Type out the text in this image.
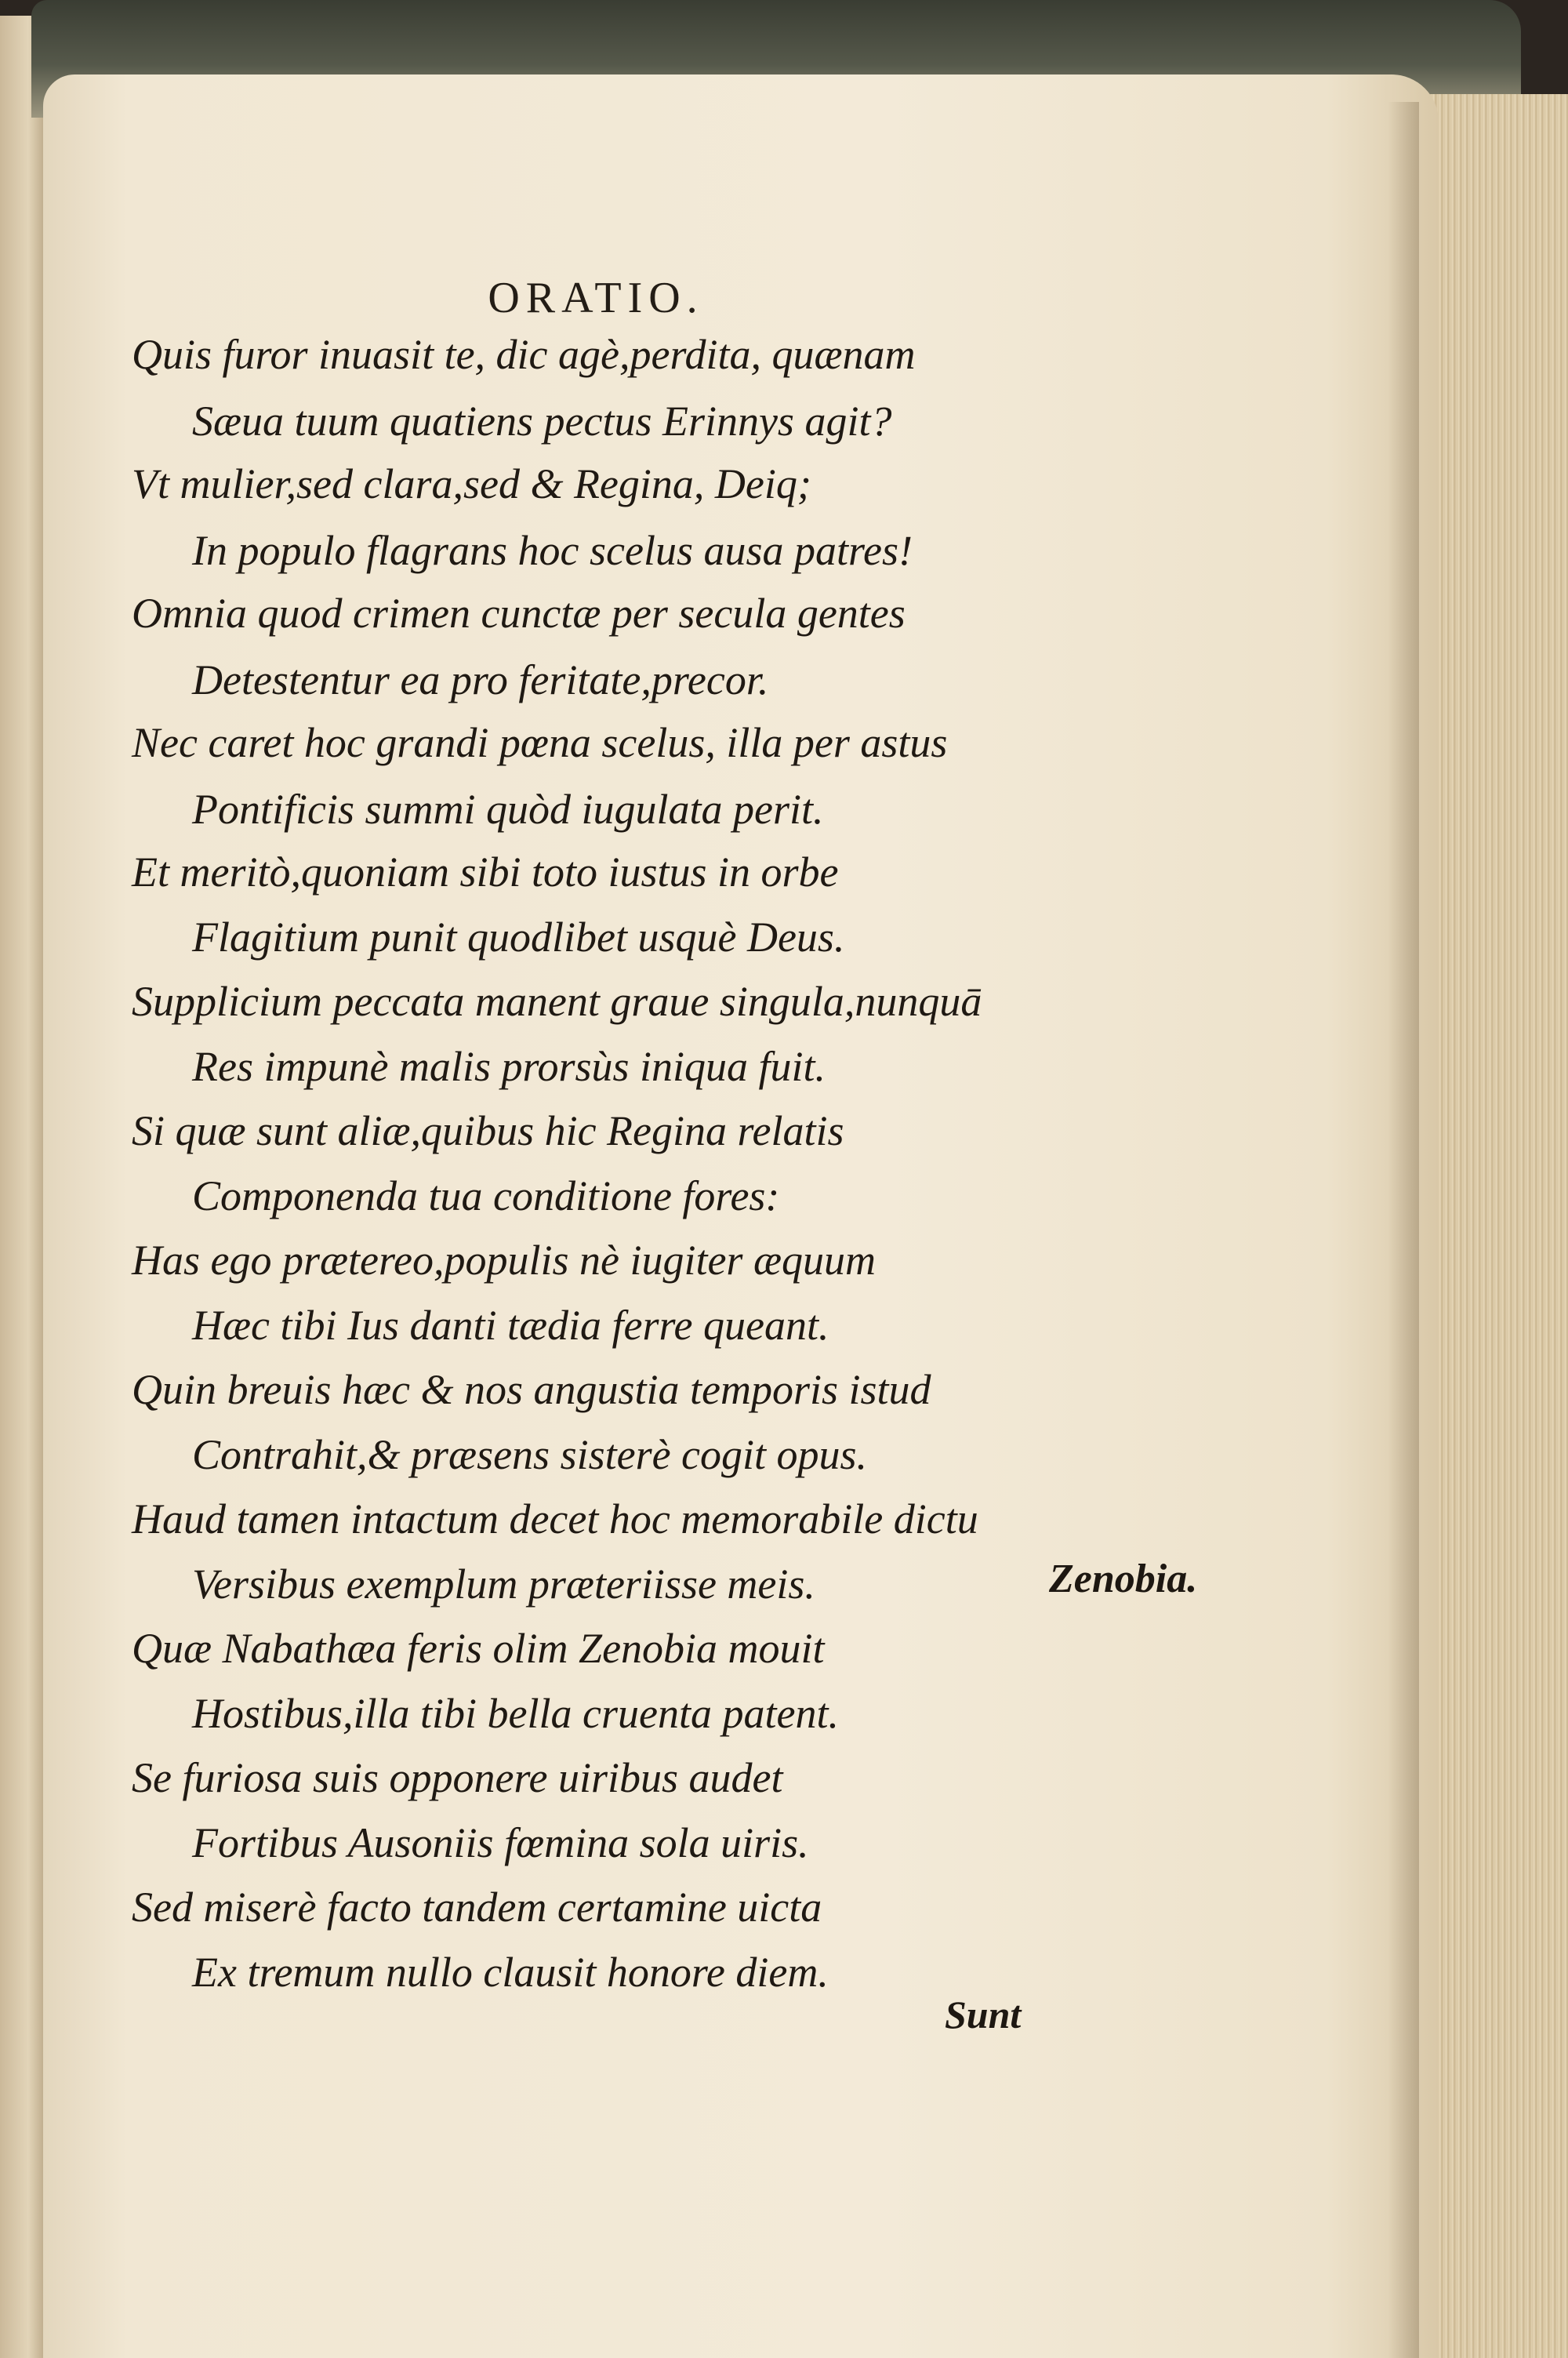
ORATIO.
Quis furor inuasit te, dic agè,perdita, quænam
Sæua tuum quatiens pectus Erinnys agit?
Vt mulier,sed clara,sed & Regina, Deiq;
In populo flagrans hoc scelus ausa patres!
Omnia quod crimen cunctæ per secula gentes
Detestentur ea pro feritate,precor.
Nec caret hoc grandi pœna scelus, illa per astus
Pontificis summi quòd iugulata perit.
Et meritò,quoniam sibi toto iustus in orbe
Flagitium punit quodlibet usquè Deus.
Supplicium peccata manent graue singula,nunquā
Res impunè malis prorsùs iniqua fuit.
Si quæ sunt aliæ,quibus hic Regina relatis
Componenda tua conditione fores:
Has ego prætereo,populis nè iugiter æquum
Hæc tibi Ius danti tædia ferre queant.
Quin breuis hæc & nos angustia temporis istud
Contrahit,& præsens sisterè cogit opus.
Haud tamen intactum decet hoc memorabile dictu
Versibus exemplum præteriisse meis.
Quæ Nabathæa feris olim Zenobia mouit
Hostibus,illa tibi bella cruenta patent.
Se furiosa suis opponere uiribus audet
Fortibus Ausoniis fœmina sola uiris.
Sed miserè facto tandem certamine uicta
Ex tremum nullo clausit honore diem.
Zenobia.
Sunt
